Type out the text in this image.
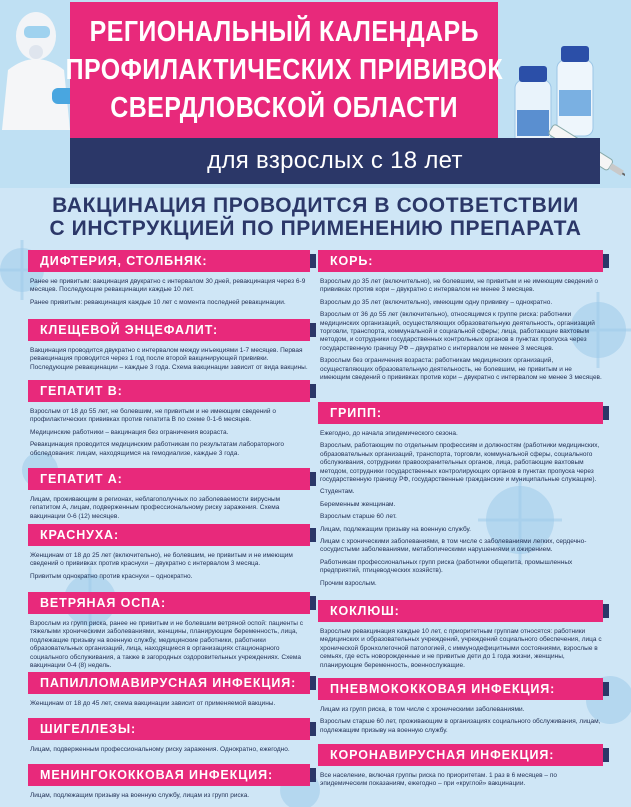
РЕГИОНАЛЬНЫЙ КАЛЕНДАРЬ
ПРОФИЛАКТИЧЕСКИХ ПРИВИВОК
СВЕРДЛОВСКОЙ ОБЛАСТИ
для взрослых с 18 лет
ВАКЦИНАЦИЯ ПРОВОДИТСЯ В СООТВЕТСТВИИ
С ИНСТРУКЦИЕЙ ПО ПРИМЕНЕНИЮ ПРЕПАРАТА
ДИФТЕРИЯ, СТОЛБНЯК:

Ранее не привитым: вакцинация двукратно с интервалом 30 дней, ревакцинация через 6-9 месяцев. Последующие ревакцинации каждые 10 лет.

Ранее привитым: ревакцинация каждые 10 лет с момента последней ревакцинации.

КЛЕЩЕВОЙ ЭНЦЕФАЛИТ:

Вакцинация проводится двукратно с интервалом между инъекциями 1-7 месяцев. Первая ревакцинация проводится через 1 год после второй вакцинирующей прививки. Последующие ревакцинации – каждые 3 года. Схема вакцинации зависит от вида вакцины.

ГЕПАТИТ В:

Взрослым от 18 до 55 лет, не болевшим, не привитым и не имеющим сведений о профилактических прививках против гепатита В по схеме 0-1-6 месяцев.

Медицинские работники – вакцинация без ограничения возраста.

Ревакцинация проводится медицинским работникам по результатам лабораторного обследования: лицам, находящимся на гемодиализе, каждые 3 года.

ГЕПАТИТ А:

Лицам, проживающим в регионах, неблагополучных по заболеваемости вирусным гепатитом А, лицам, подверженным профессиональному риску заражения. Схема вакцинации 0-6 (12) месяцев.

КРАСНУХА:

Женщинам от 18 до 25 лет (включительно), не болевшим, не привитым и не имеющим сведений о прививках против краснухи – двукратно с интервалом 3 месяца.

Привитым однократно против краснухи – однократно.

ВЕТРЯНАЯ ОСПА:

Взрослым из групп риска, ранее не привитым и не болевшим ветряной оспой: пациенты с тяжелыми хроническими заболеваниями, женщины, планирующие беременность, лица, подлежащие призыву на военную службу, медицинские работники, работники образовательных организаций, лица, находящиеся в организациях стационарного социального обслуживания, а также в загородных оздоровительных учреждениях. Схема вакцинации 0-4 (8) недель.

ПАПИЛЛОМАВИРУСНАЯ ИНФЕКЦИЯ:

Женщинам от 18 до 45 лет, схема вакцинации зависит от применяемой вакцины.

ШИГЕЛЛЕЗЫ:

Лицам, подверженным профессиональному риску заражения. Однократно, ежегодно.

МЕНИНГОКОККОВАЯ ИНФЕКЦИЯ:

Лицам, подлежащим призыву на военную службу, лицам из групп риска.

КОРЬ:

Взрослым до 35 лет (включительно), не болевшим, не привитым и не имеющим сведений о прививках против кори – двукратно с интервалом не менее 3 месяцев.

Взрослым до 35 лет (включительно), имеющим одну прививку – однократно.

Взрослым от 36 до 55 лет (включительно), относящимся к группе риска: работники медицинских организаций, осуществляющих образовательную деятельность, организаций торговли, транспорта, коммунальной и социальной сферы; лица, работающие вахтовым методом, и сотрудники государственных контрольных органов в пунктах пропуска через государственную границу РФ – двукратно с интервалом не менее 3 месяцев.

Взрослым без ограничения возраста: работникам медицинских организаций, осуществляющих образовательную деятельность, не болевшим, не привитым и не имеющим сведений о прививках против кори – двукратно с интервалом не менее 3 месяцев.

ГРИПП:

Ежегодно, до начала эпидемического сезона.

Взрослым, работающим по отдельным профессиям и должностям (работники медицинских, образовательных организаций, транспорта, торговли, коммунальной сферы, социального обслуживания, сотрудники правоохранительных органов, лица, работающие вахтовым методом, сотрудники государственных контролирующих органов в пунктах пропуска через государственную границу РФ, государственные гражданские и муниципальные служащие).

Студентам.

Беременным женщинам.

Взрослым старше 60 лет.

Лицам, подлежащим призыву на военную службу.

Лицам с хроническими заболеваниями, в том числе с заболеваниями легких, сердечно-сосудистыми заболеваниями, метаболическими нарушениями и ожирением.

Работникам профессиональных групп риска (работники общепита, промышленных предприятий, птицеводческих хозяйств).

Прочим взрослым.

КОКЛЮШ:

Взрослым ревакцинация каждые 10 лет, с приоритетным группам относятся: работники медицинских и образовательных учреждений, учреждений социального обеспечения, лица с хронической бронхолегочной патологией, с иммунодефицитными состояниями, взрослые в семьях, где есть новорожденные и не привитые дети до 1 года жизни, женщины, планирующие беременность, военнослужащие.

ПНЕВМОКОККОВАЯ ИНФЕКЦИЯ:

Лицам из групп риска, в том числе с хроническими заболеваниями.

Взрослым старше 60 лет, проживающим в организациях социального обслуживания, лицам, подлежащим призыву на военную службу.

КОРОНАВИРУСНАЯ ИНФЕКЦИЯ:

Все население, включая группы риска по приоритетам. 1 раз в 6 месяцев – по эпидемическим показаниям, ежегодно – при «круглой» вакцинации.
